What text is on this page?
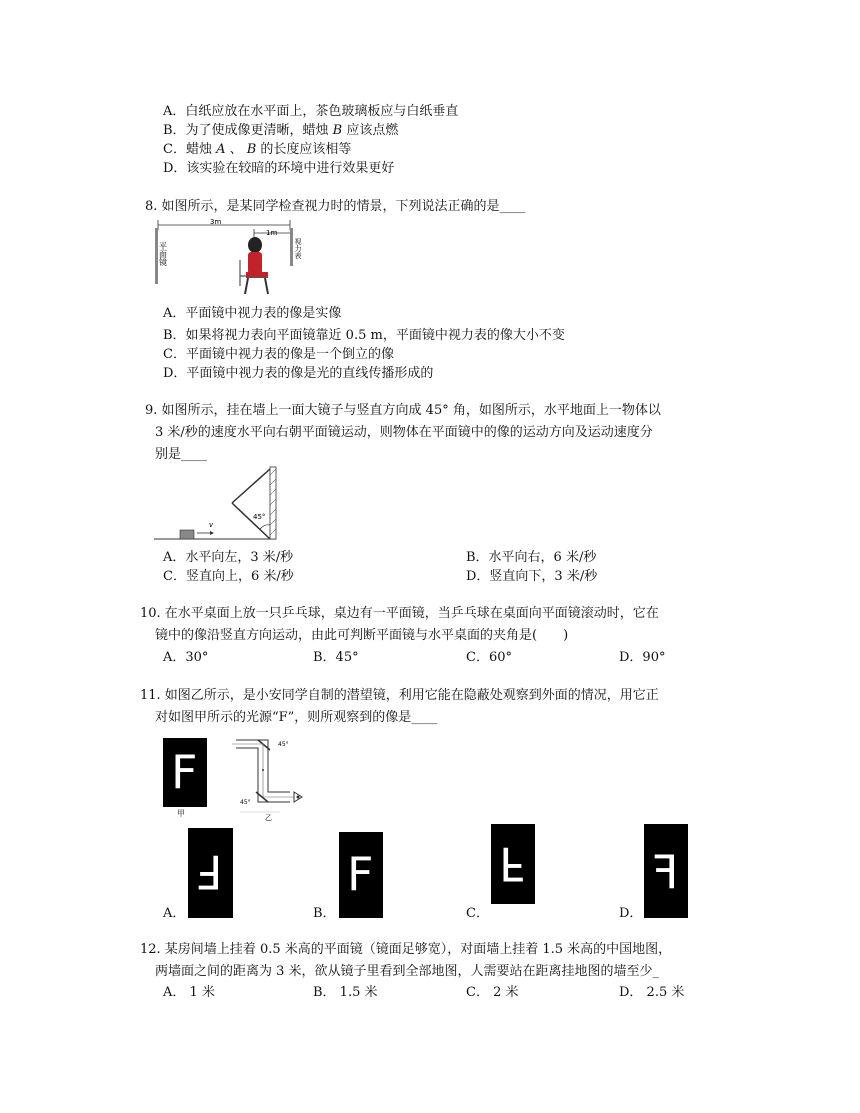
A．白纸应放在水平面上，茶色玻璃板应与白纸垂直
B．为了使成像更清晰，蜡烛 𝐵 应该点燃
C．蜡烛 𝐴 、 𝐵 的长度应该相等
D．该实验在较暗的环境中进行效果更好
8. 如图所示，是某同学检查视力时的情景，下列说法正确的是____
3m
1m
平面镜	视力表
A．平面镜中视力表的像是实像
B．如果将视力表向平面镜靠近 0.5 m，平面镜中视力表的像大小不变
C．平面镜中视力表的像是一个倒立的像
D．平面镜中视力表的像是光的直线传播形成的
9. 如图所示，挂在墙上一面大镜子与竖直方向成 45° 角，如图所示，水平地面上一物体以
3 米/秒的速度水平向右朝平面镜运动，则物体在平面镜中的像的运动方向及运动速度分
别是____
45°
v
A．水平向左，3 米/秒	B．水平向右，6 米/秒
C．竖直向上，6 米/秒	D．竖直向下，3 米/秒
10. 在水平桌面上放一只乒乓球，桌边有一平面镜，当乒乓球在桌面向平面镜滚动时，它在
镜中的像沿竖直方向运动，由此可判断平面镜与水平桌面的夹角是(　　)
A．30°	B．45°	C．60°	D．90°
11. 如图乙所示，是小安同学自制的潜望镜，利用它能在隐蔽处观察到外面的情况，用它正
对如图甲所示的光源“F”，则所观察到的像是____
F
甲
45°
45°
乙
A．
F
B．
F
C．
F
D．
F
12. 某房间墙上挂着 0.5 米高的平面镜（镜面足够宽），对面墙上挂着 1.5 米高的中国地图，
两墙面之间的距离为 3 米，欲从镜子里看到全部地图，人需要站在距离挂地图的墙至少_
A． 1 米	B． 1.5 米	C． 2 米	D． 2.5 米
